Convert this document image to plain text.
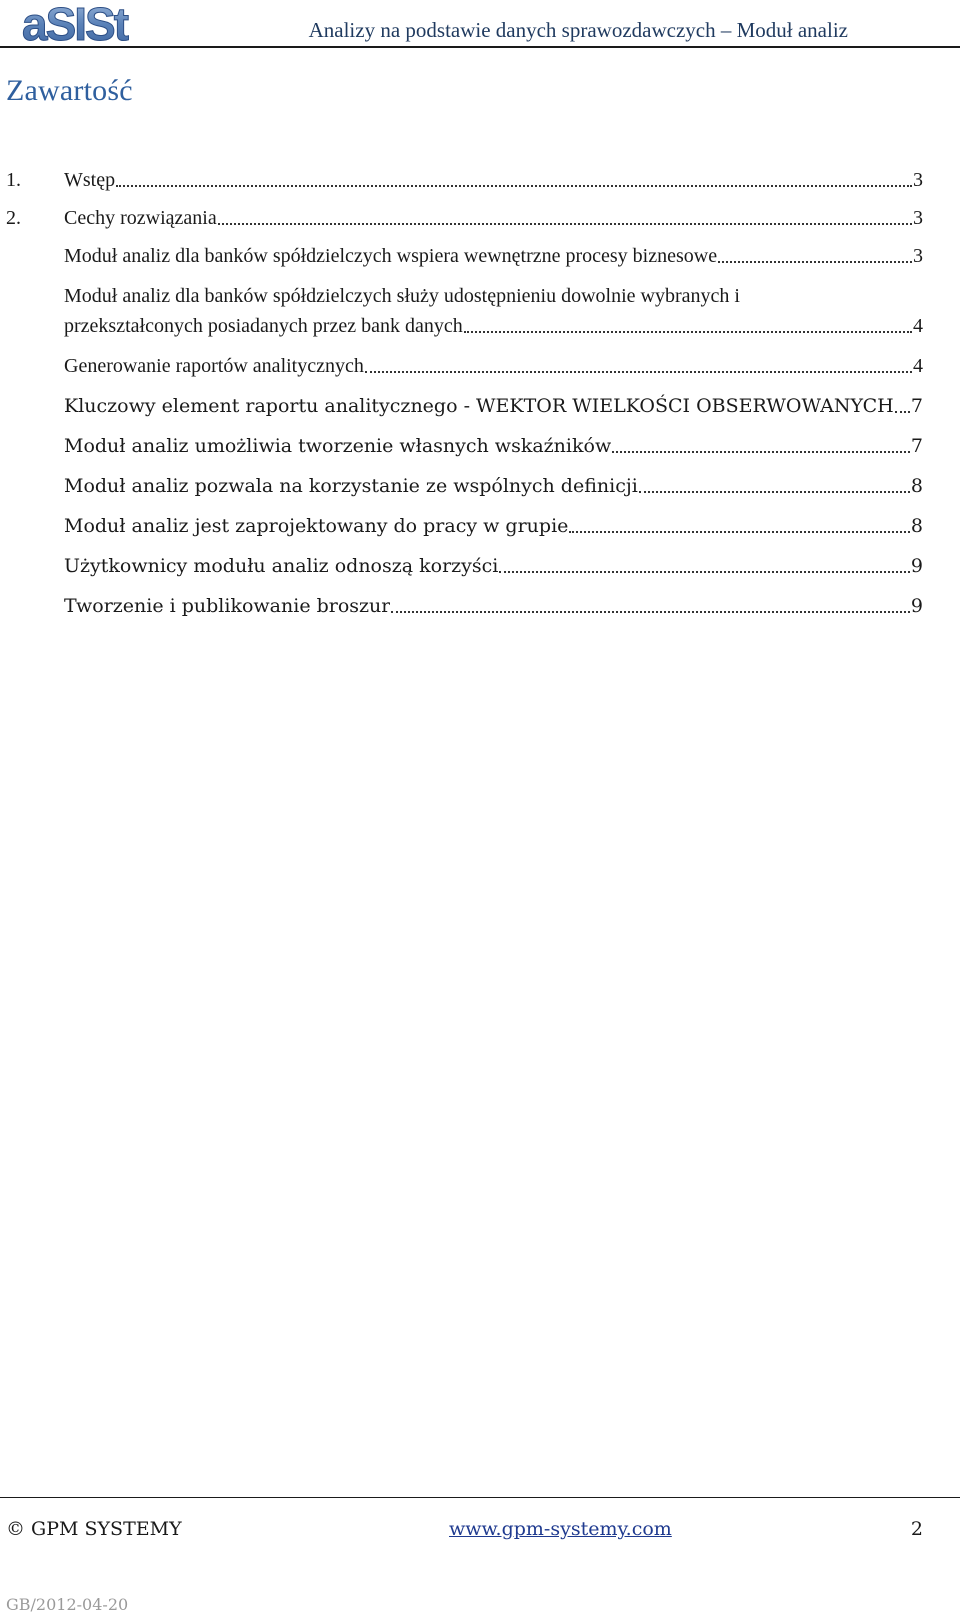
aSISt	Analizy na podstawie danych sprawozdawczych – Moduł analiz
Zawartość
1. Wstęp	3
2. Cechy rozwiązania	3
Moduł analiz dla banków spółdzielczych wspiera wewnętrzne procesy biznesowe	3
Moduł analiz dla banków spółdzielczych służy udostępnieniu dowolnie wybranych i
przekształconych posiadanych przez bank danych	4
Generowanie raportów analitycznych	4
Kluczowy element raportu analitycznego - WEKTOR WIELKOŚCI OBSERWOWANYCH 7
Moduł analiz umożliwia tworzenie własnych wskaźników	7
Moduł analiz pozwala na korzystanie ze wspólnych definicji	8
Moduł analiz jest zaprojektowany do pracy w grupie	8
Użytkownicy modułu analiz odnoszą korzyści	9
Tworzenie i publikowanie broszur	9
© GPM SYSTEMY	www.gpm-systemy.com	2
GB/2012-04-20
